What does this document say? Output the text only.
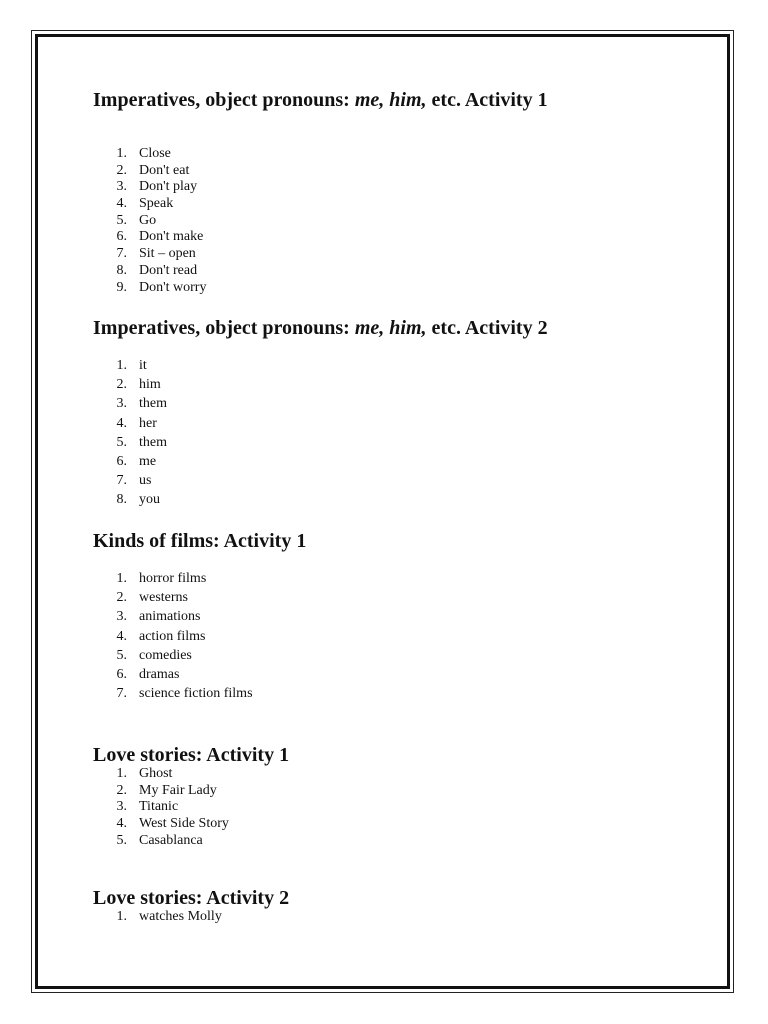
Imperatives, object pronouns: me, him, etc. Activity 1
1. Close
2. Don't eat
3. Don't play
4. Speak
5. Go
6. Don't make
7. Sit – open
8. Don't read
9. Don't worry
Imperatives, object pronouns: me, him, etc. Activity 2
1. it
2. him
3. them
4. her
5. them
6. me
7. us
8. you
Kinds of films: Activity 1
1. horror films
2. westerns
3. animations
4. action films
5. comedies
6. dramas
7. science fiction films
Love stories: Activity 1
1. Ghost
2. My Fair Lady
3. Titanic
4. West Side Story
5. Casablanca
Love stories: Activity 2
1. watches Molly
